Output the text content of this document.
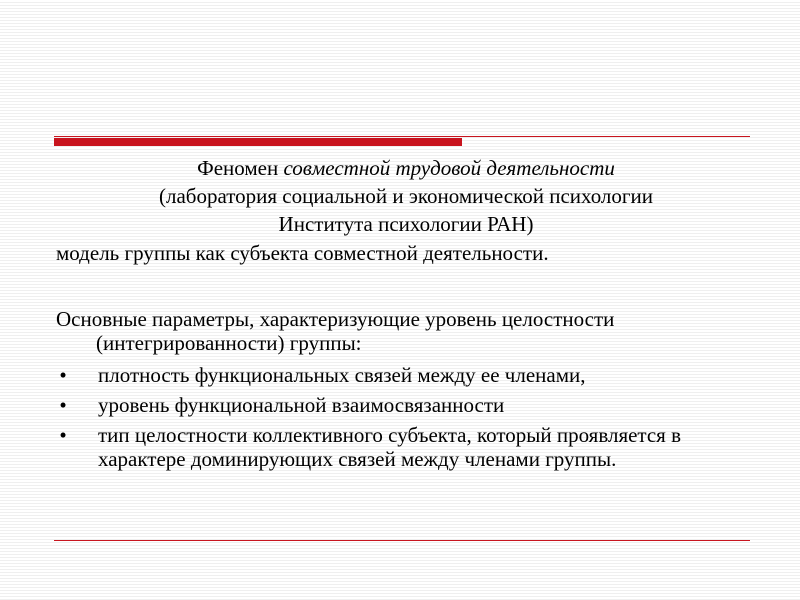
Феномен совместной трудовой деятельности
(лаборатория социальной и экономической психологии
Института психологии РАН)

модель группы как субъекта совместной деятельности.

Основные параметры, характеризующие уровень целостности (интегрированности) группы:

• плотность функциональных связей между ее членами,
• уровень функциональной взаимосвязанности
• тип целостности коллективного субъекта, который проявляется в характере доминирующих связей между членами группы.
